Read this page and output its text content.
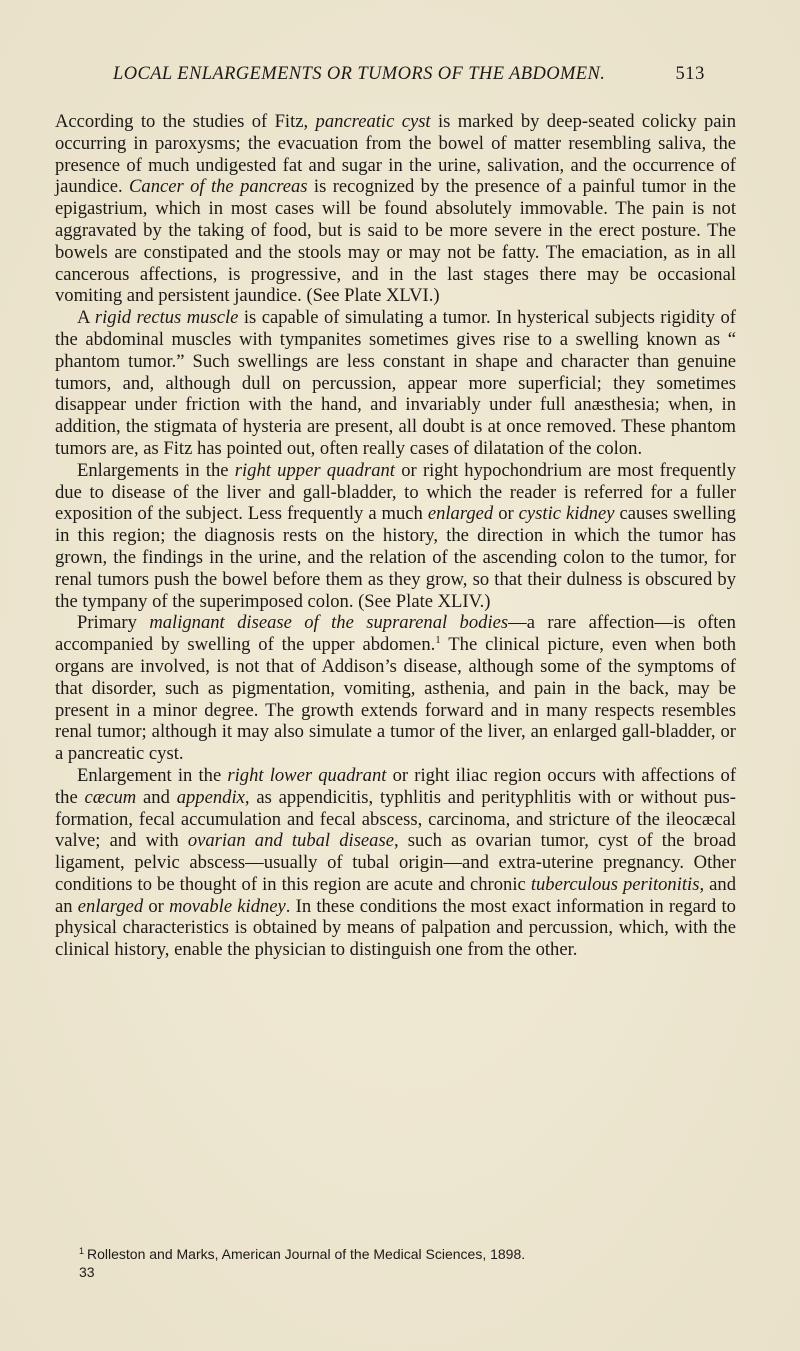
LOCAL ENLARGEMENTS OR TUMORS OF THE ABDOMEN.	513

According to the studies of Fitz, pancreatic cyst is marked by deep-seated colicky pain occurring in paroxysms; the evacuation from the bowel of matter resembling saliva, the presence of much undigested fat and sugar in the urine, salivation, and the occurrence of jaundice. Cancer of the pancreas is recognized by the presence of a painful tumor in the epigastrium, which in most cases will be found absolutely immovable. The pain is not aggravated by the taking of food, but is said to be more severe in the erect posture. The bowels are constipated and the stools may or may not be fatty. The emaciation, as in all cancerous affections, is progressive, and in the last stages there may be occasional vomiting and persistent jaundice. (See Plate XLVI.)

A rigid rectus muscle is capable of simulating a tumor. In hysterical subjects rigidity of the abdominal muscles with tympanites sometimes gives rise to a swelling known as “ phantom tumor.” Such swellings are less constant in shape and character than genuine tumors, and, although dull on percussion, appear more superficial; they sometimes disappear under friction with the hand, and invariably under full anæsthesia; when, in addition, the stigmata of hysteria are present, all doubt is at once removed. These phantom tumors are, as Fitz has pointed out, often really cases of dilatation of the colon.

Enlargements in the right upper quadrant or right hypochondrium are most frequently due to disease of the liver and gall-bladder, to which the reader is referred for a fuller exposition of the subject. Less frequently a much enlarged or cystic kidney causes swelling in this region; the diagnosis rests on the history, the direction in which the tumor has grown, the findings in the urine, and the relation of the ascending colon to the tumor, for renal tumors push the bowel before them as they grow, so that their dulness is obscured by the tympany of the superimposed colon. (See Plate XLIV.)

Primary malignant disease of the suprarenal bodies—a rare affection—is often accompanied by swelling of the upper abdomen.$^1$ The clinical picture, even when both organs are involved, is not that of Addison’s disease, although some of the symptoms of that disorder, such as pigmentation, vomiting, asthenia, and pain in the back, may be present in a minor degree. The growth extends forward and in many respects resembles renal tumor; although it may also simulate a tumor of the liver, an enlarged gall-bladder, or a pancreatic cyst.

Enlargement in the right lower quadrant or right iliac region occurs with affections of the cæcum and appendix, as appendicitis, typhlitis and perityphlitis with or without pus-formation, fecal accumulation and fecal abscess, carcinoma, and stricture of the ileocæcal valve; and with ovarian and tubal disease, such as ovarian tumor, cyst of the broad ligament, pelvic abscess—usually of tubal origin—and extra-uterine pregnancy. Other conditions to be thought of in this region are acute and chronic tuberculous peritonitis, and an enlarged or movable kidney. In these conditions the most exact information in regard to physical characteristics is obtained by means of palpation and percussion, which, with the clinical history, enable the physician to distinguish one from the other.

$^1$ Rolleston and Marks, American Journal of the Medical Sciences, 1898.
33
